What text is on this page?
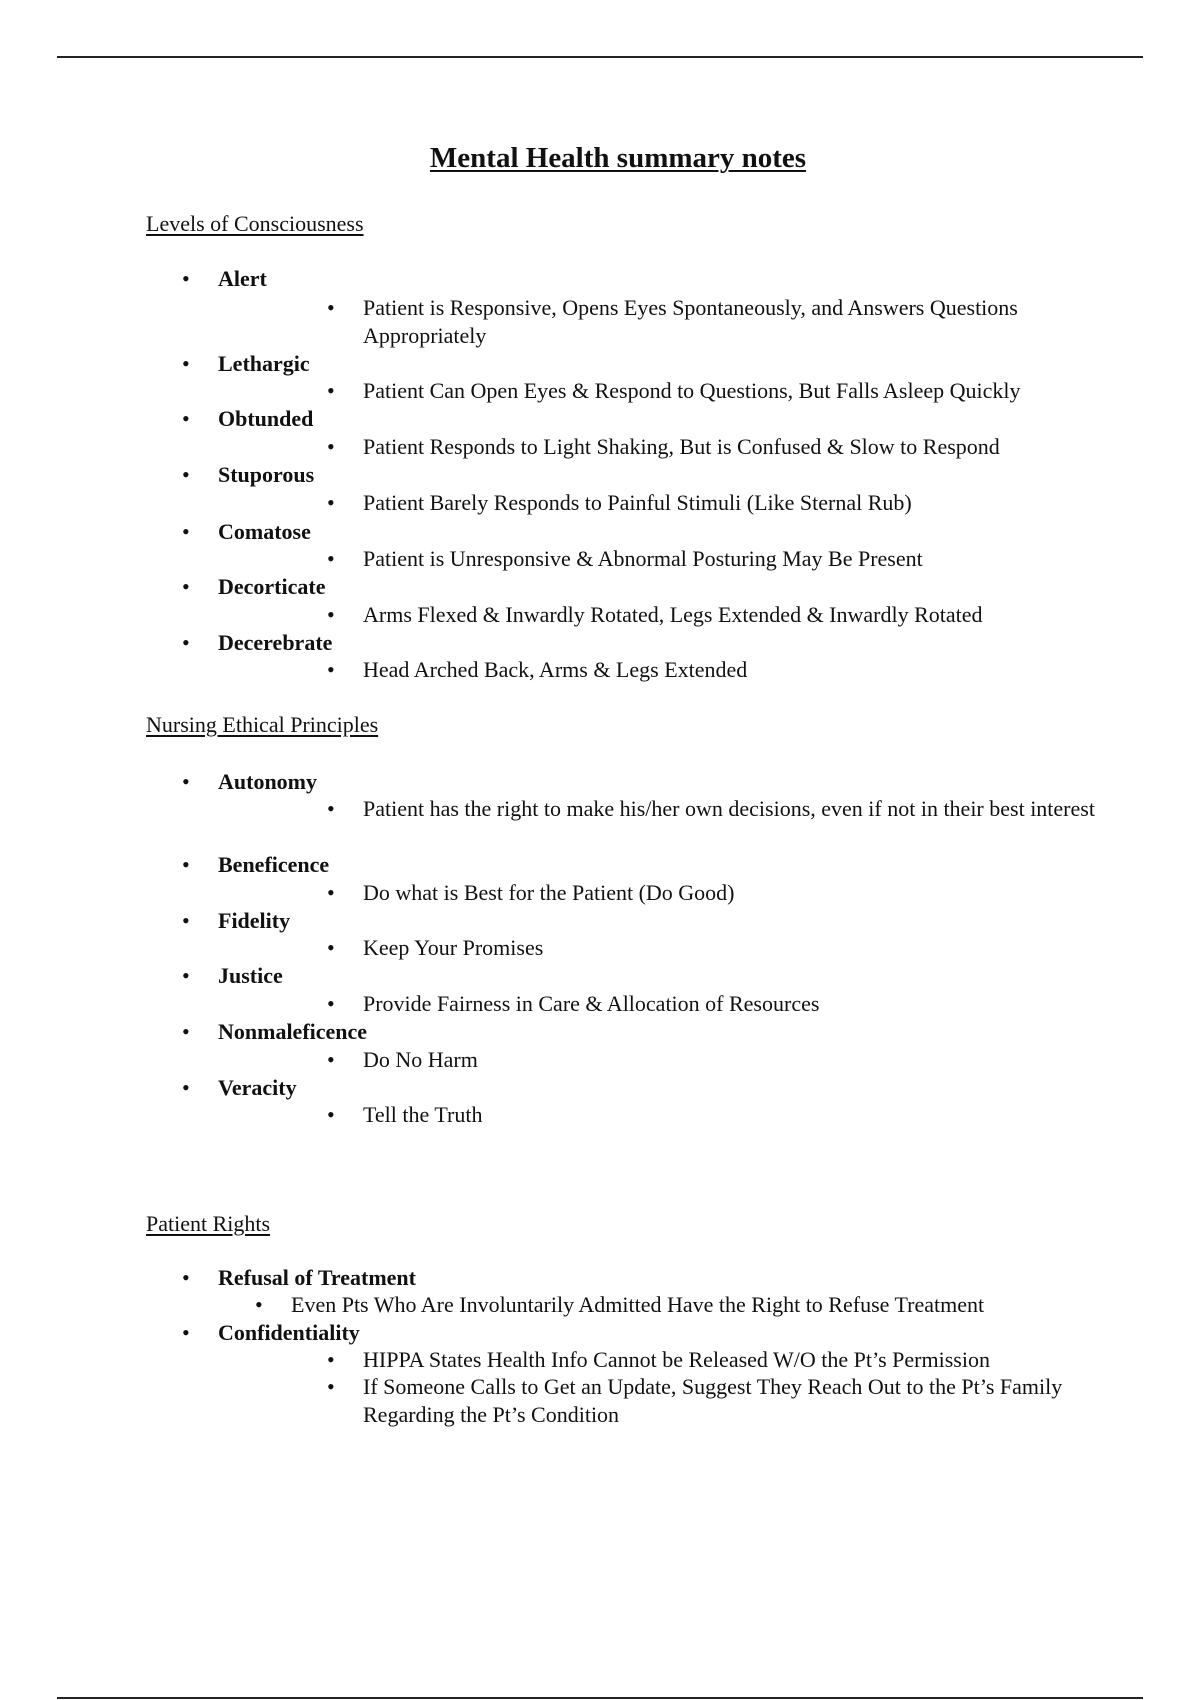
Mental Health summary notes
Levels of Consciousness
• Alert
• Patient is Responsive, Opens Eyes Spontaneously, and Answers Questions Appropriately
• Lethargic
• Patient Can Open Eyes & Respond to Questions, But Falls Asleep Quickly
• Obtunded
• Patient Responds to Light Shaking, But is Confused & Slow to Respond
• Stuporous
• Patient Barely Responds to Painful Stimuli (Like Sternal Rub)
• Comatose
• Patient is Unresponsive & Abnormal Posturing May Be Present
• Decorticate
• Arms Flexed & Inwardly Rotated, Legs Extended & Inwardly Rotated
• Decerebrate
• Head Arched Back, Arms & Legs Extended
Nursing Ethical Principles
• Autonomy
• Patient has the right to make his/her own decisions, even if not in their best interest
• Beneficence
• Do what is Best for the Patient (Do Good)
• Fidelity
• Keep Your Promises
• Justice
• Provide Fairness in Care & Allocation of Resources
• Nonmaleficence
• Do No Harm
• Veracity
• Tell the Truth
Patient Rights
• Refusal of Treatment
• Even Pts Who Are Involuntarily Admitted Have the Right to Refuse Treatment
• Confidentiality
• HIPPA States Health Info Cannot be Released W/O the Pt’s Permission
• If Someone Calls to Get an Update, Suggest They Reach Out to the Pt’s Family Regarding the Pt’s Condition
